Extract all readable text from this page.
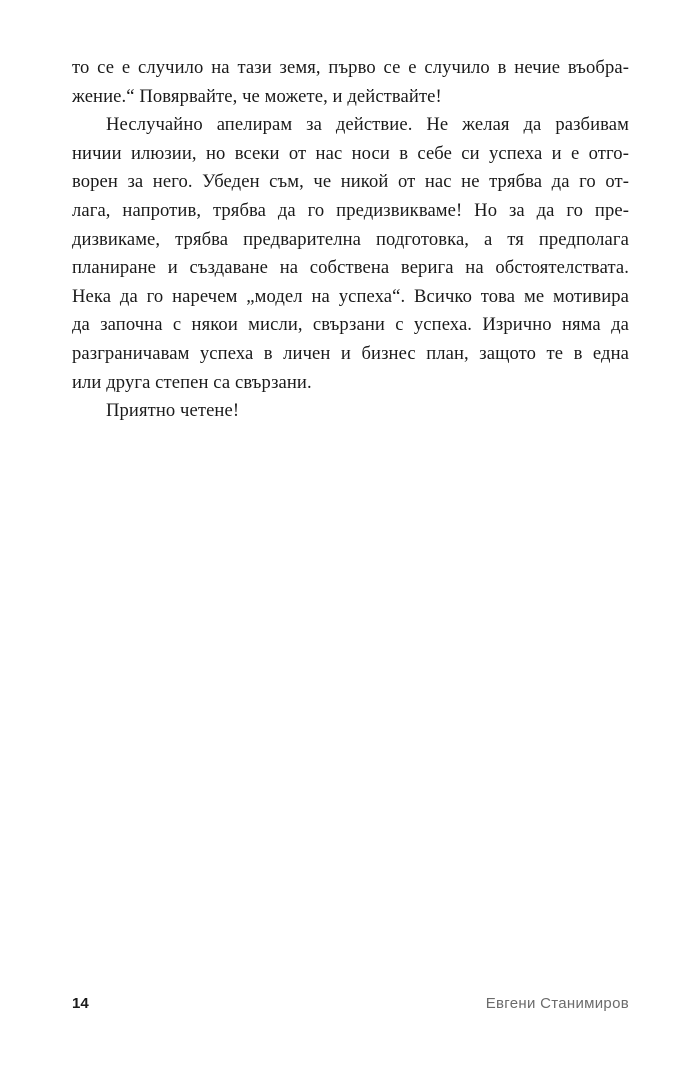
то се е случило на тази земя, първо се е случило в нечие въобра-
жение.“ Повярвайте, че можете, и действайте!
Неслучайно апелирам за действие. Не желая да разбивам
ничии илюзии, но всеки от нас носи в себе си успеха и е отго-
ворен за него. Убеден съм, че никой от нас не трябва да го от-
лага, напротив, трябва да го предизвикваме! Но за да го пре-
дизвикаме, трябва предварителна подготовка, а тя предполага
планиране и създаване на собствена верига на обстоятелствата.
Нека да го наречем „модел на успеха“. Всичко това ме мотивира
да започна с някои мисли, свързани с успеха. Изрично няма да
разграничавам успеха в личен и бизнес план, защото те в една
или друга степен са свързани.
Приятно четене!
14	Евгени Станимиров
